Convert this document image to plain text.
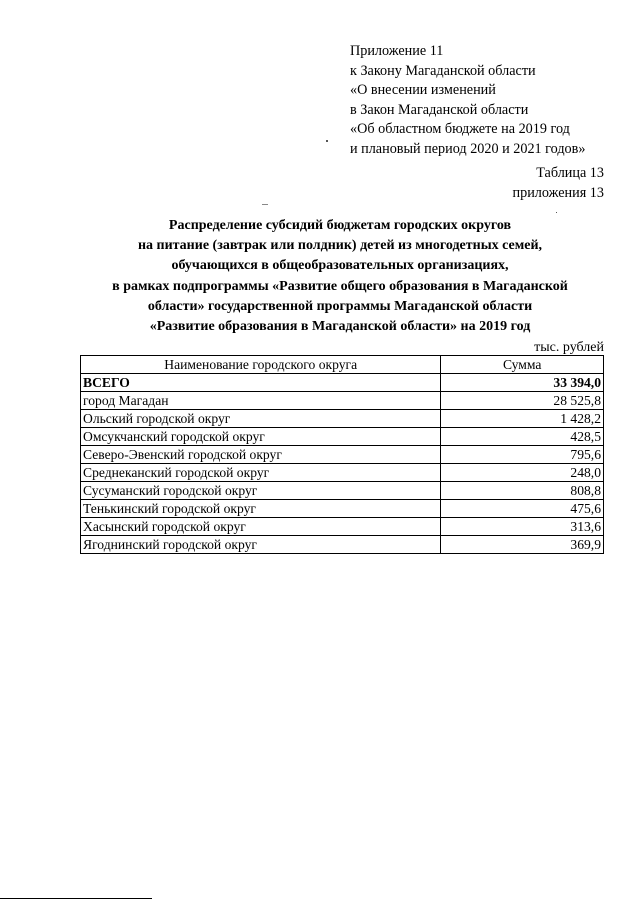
Приложение 11
к Закону Магаданской области
«О внесении изменений
в Закон Магаданской области
«Об областном бюджете на 2019 год
и плановый период 2020 и 2021 годов»
Таблица 13
приложения 13
Распределение субсидий бюджетам городских округов
на питание (завтрак или полдник) детей из многодетных семей,
обучающихся в общеобразовательных организациях,
в рамках подпрограммы «Развитие общего образования в Магаданской
области» государственной программы Магаданской области
«Развитие образования в Магаданской области» на 2019 год
тыс. рублей
Наименование городского округа	Сумма
ВСЕГО	33 394,0
город Магадан	28 525,8
Ольский городской округ	1 428,2
Омсукчанский городской округ	428,5
Северо-Эвенский городской округ	795,6
Среднеканский городской округ	248,0
Сусуманский городской округ	808,8
Тенькинский городской округ	475,6
Хасынский городской округ	313,6
Ягоднинский городской округ	369,9
